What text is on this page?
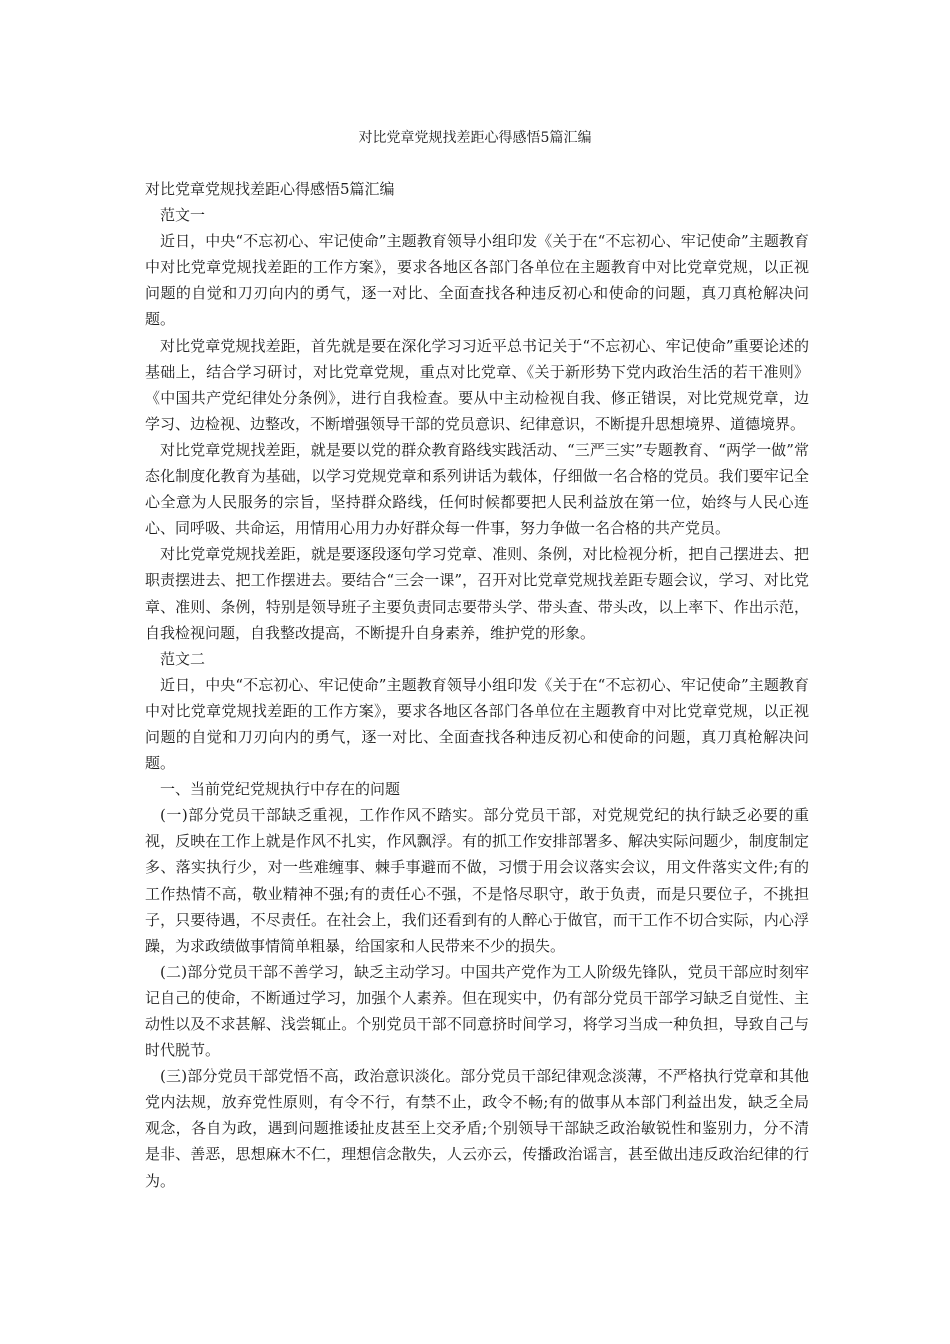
对比党章党规找差距心得感悟5篇汇编

对比党章党规找差距心得感悟5篇汇编

范文一

近日，中央“不忘初心、牢记使命”主题教育领导小组印发《关于在“不忘初心、牢记使命”主题教育中对比党章党规找差距的工作方案》，要求各地区各部门各单位在主题教育中对比党章党规，以正视问题的自觉和刀刃向内的勇气，逐一对比、全面查找各种违反初心和使命的问题，真刀真枪解决问题。

对比党章党规找差距，首先就是要在深化学习习近平总书记关于“不忘初心、牢记使命”重要论述的基础上，结合学习研讨，对比党章党规，重点对比党章、《关于新形势下党内政治生活的若干准则》《中国共产党纪律处分条例》，进行自我检查。要从中主动检视自我、修正错误，对比党规党章，边学习、边检视、边整改，不断增强领导干部的党员意识、纪律意识，不断提升思想境界、道德境界。

对比党章党规找差距，就是要以党的群众教育路线实践活动、“三严三实”专题教育、“两学一做”常态化制度化教育为基础，以学习党规党章和系列讲话为载体，仔细做一名合格的党员。我们要牢记全心全意为人民服务的宗旨，坚持群众路线，任何时候都要把人民利益放在第一位，始终与人民心连心、同呼吸、共命运，用情用心用力办好群众每一件事，努力争做一名合格的共产党员。

对比党章党规找差距，就是要逐段逐句学习党章、准则、条例，对比检视分析，把自己摆进去、把职责摆进去、把工作摆进去。要结合“三会一课”，召开对比党章党规找差距专题会议，学习、对比党章、准则、条例，特别是领导班子主要负责同志要带头学、带头查、带头改，以上率下、作出示范，自我检视问题，自我整改提高，不断提升自身素养，维护党的形象。

范文二

近日，中央“不忘初心、牢记使命”主题教育领导小组印发《关于在“不忘初心、牢记使命”主题教育中对比党章党规找差距的工作方案》，要求各地区各部门各单位在主题教育中对比党章党规，以正视问题的自觉和刀刃向内的勇气，逐一对比、全面查找各种违反初心和使命的问题，真刀真枪解决问题。

一、当前党纪党规执行中存在的问题

(一)部分党员干部缺乏重视，工作作风不踏实。部分党员干部，对党规党纪的执行缺乏必要的重视，反映在工作上就是作风不扎实，作风飘浮。有的抓工作安排部署多、解决实际问题少，制度制定多、落实执行少，对一些难缠事、棘手事避而不做，习惯于用会议落实会议，用文件落实文件;有的工作热情不高，敬业精神不强;有的责任心不强，不是恪尽职守，敢于负责，而是只要位子，不挑担子，只要待遇，不尽责任。在社会上，我们还看到有的人醉心于做官，而干工作不切合实际，内心浮躁，为求政绩做事情简单粗暴，给国家和人民带来不少的损失。

(二)部分党员干部不善学习，缺乏主动学习。中国共产党作为工人阶级先锋队，党员干部应时刻牢记自己的使命，不断通过学习，加强个人素养。但在现实中，仍有部分党员干部学习缺乏自觉性、主动性以及不求甚解、浅尝辄止。个别党员干部不同意挤时间学习，将学习当成一种负担，导致自己与时代脱节。

(三)部分党员干部党悟不高，政治意识淡化。部分党员干部纪律观念淡薄，不严格执行党章和其他党内法规，放弃党性原则，有令不行，有禁不止，政令不畅;有的做事从本部门利益出发，缺乏全局观念，各自为政，遇到问题推诿扯皮甚至上交矛盾;个别领导干部缺乏政治敏锐性和鉴别力，分不清是非、善恶，思想麻木不仁，理想信念散失，人云亦云，传播政治谣言，甚至做出违反政治纪律的行为。
